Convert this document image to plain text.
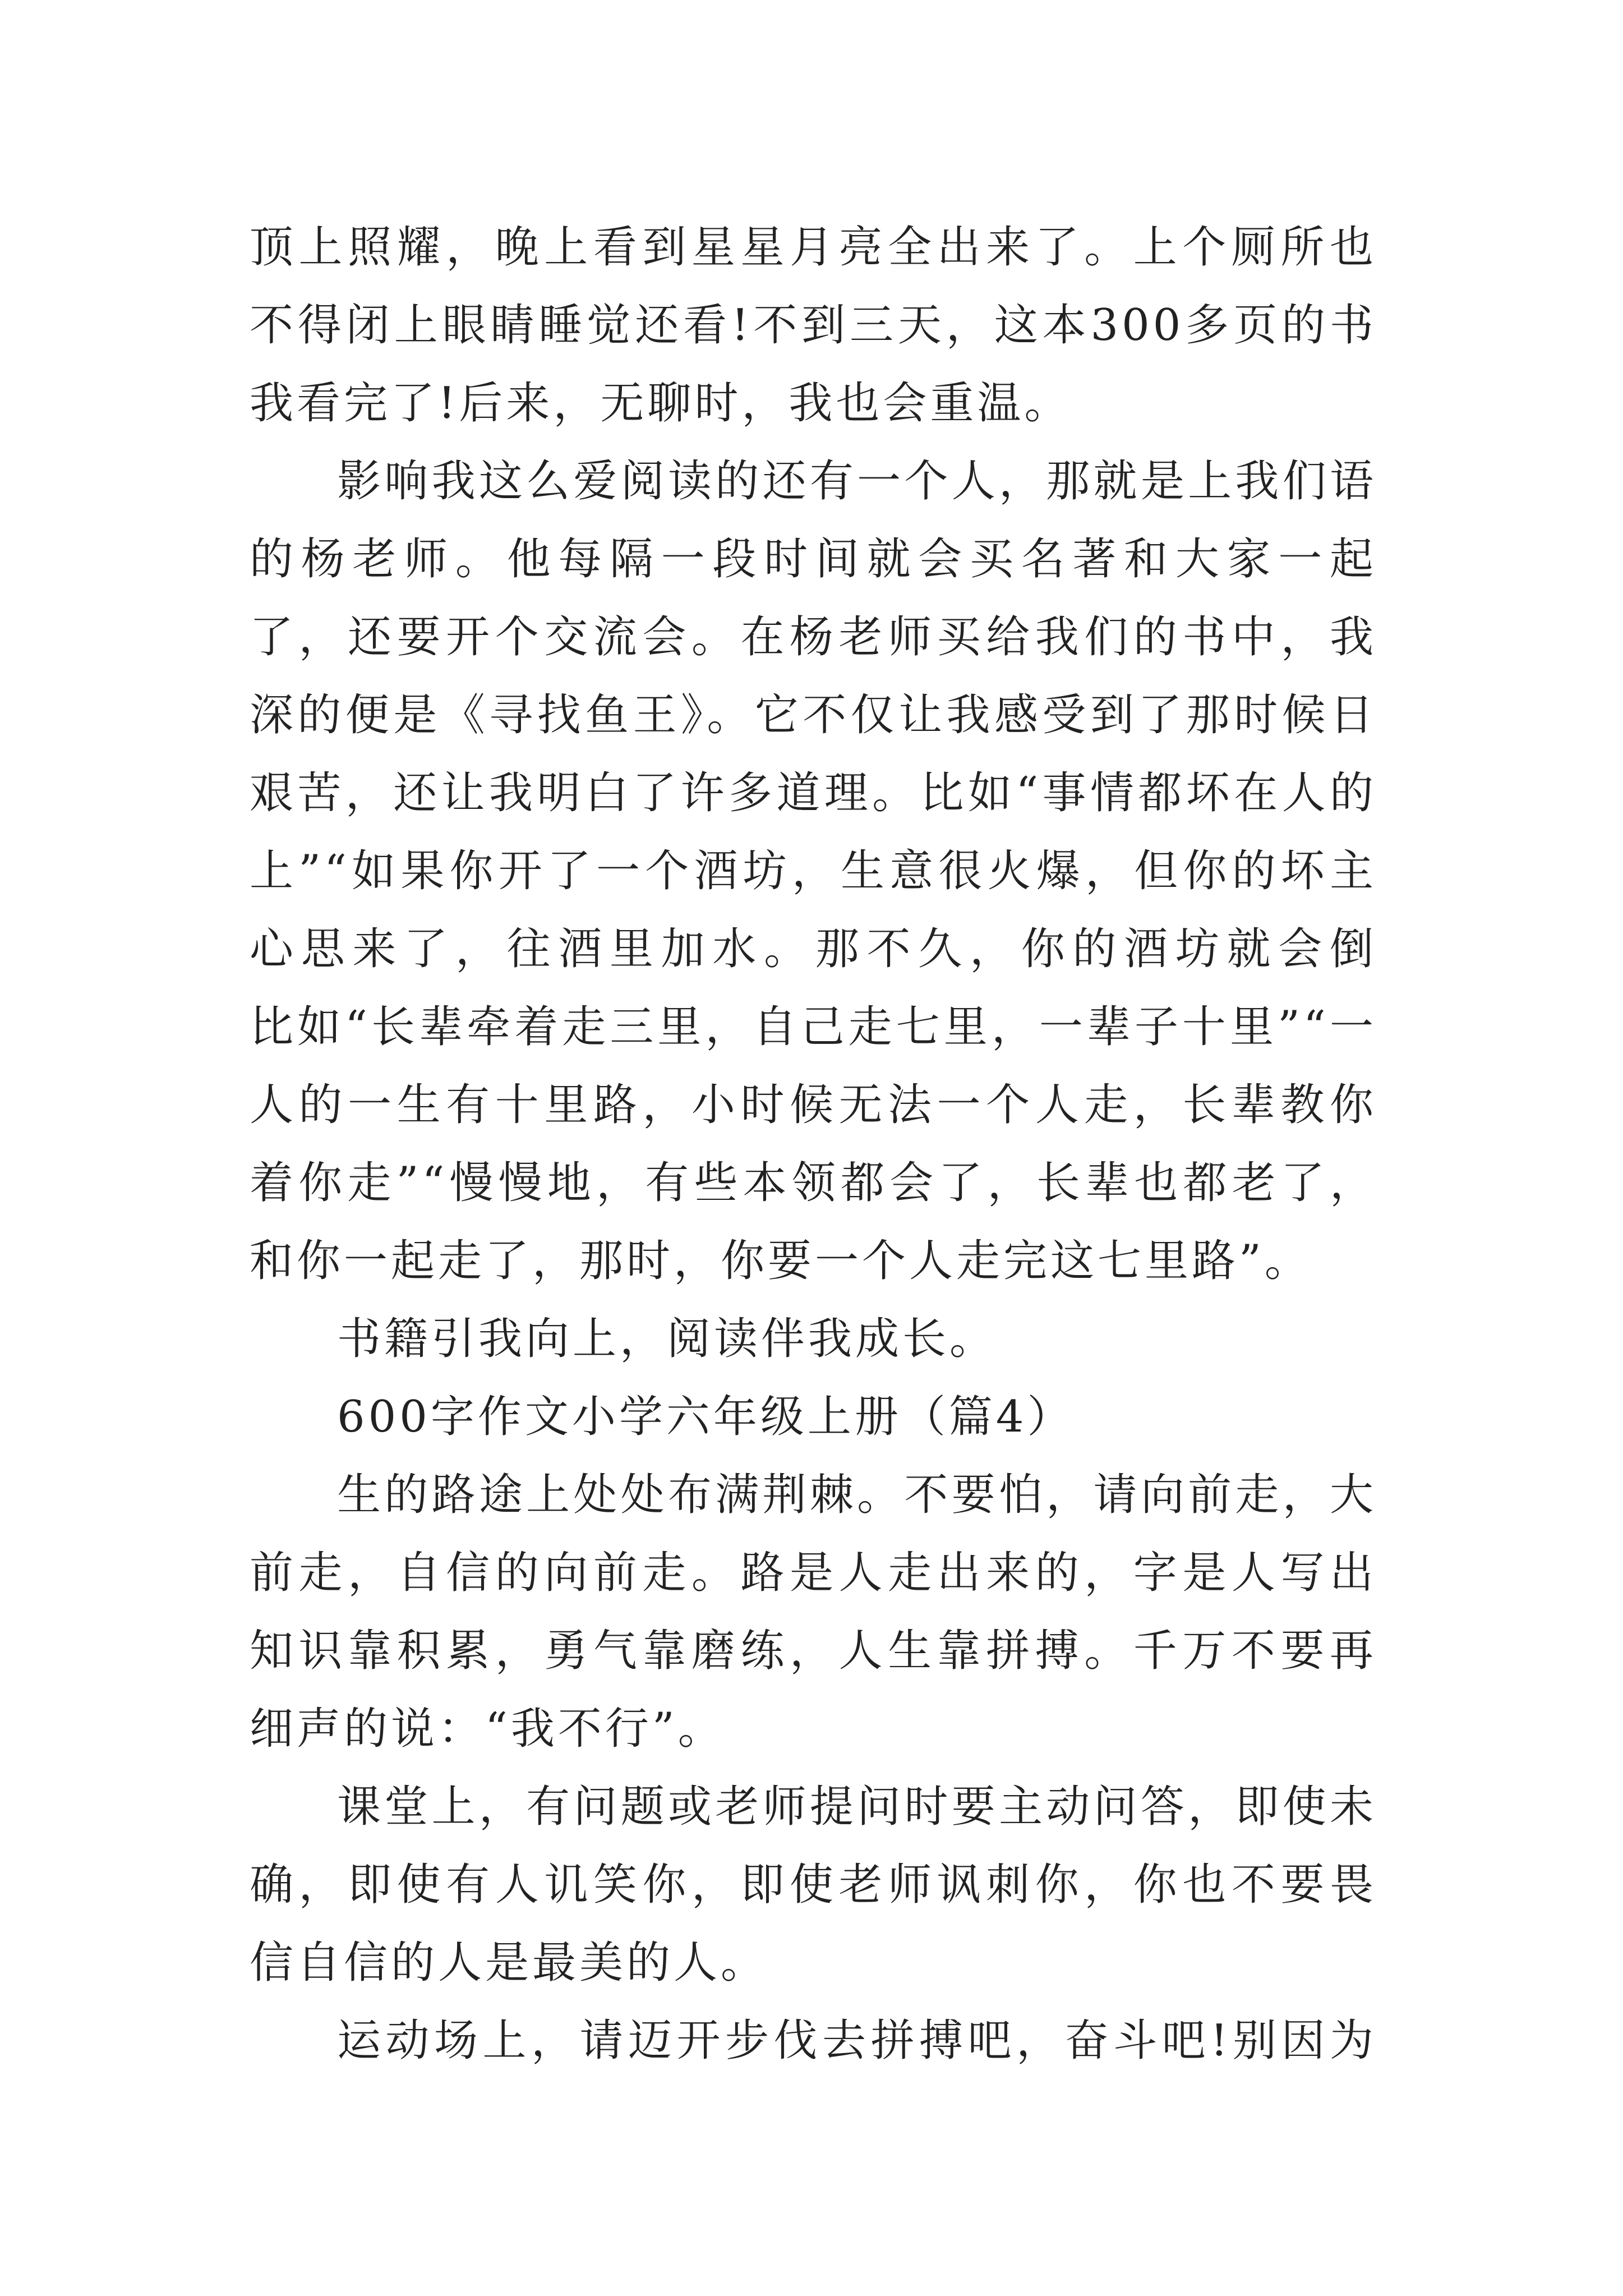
顶上照耀，晚上看到星星月亮全出来了。上个厕所也
不得闭上眼睛睡觉还看!不到三天，这本300多页的书
我看完了!后来，无聊时，我也会重温。
影响我这么爱阅读的还有一个人，那就是上我们语
的杨老师。他每隔一段时间就会买名著和大家一起
了，还要开个交流会。在杨老师买给我们的书中，我
深的便是《寻找鱼王》。它不仅让我感受到了那时候日
艰苦，还让我明白了许多道理。比如“事情都坏在人的
上”“如果你开了一个酒坊，生意很火爆，但你的坏主
心思来了，往酒里加水。那不久，你的酒坊就会倒
比如“长辈牵着走三里，自己走七里，一辈子十里”“一
人的一生有十里路，小时候无法一个人走，长辈教你
着你走”“慢慢地，有些本领都会了，长辈也都老了，
和你一起走了，那时，你要一个人走完这七里路”。
书籍引我向上，阅读伴我成长。
600字作文小学六年级上册（篇4）
生的路途上处处布满荆棘。不要怕，请向前走，大
前走，自信的向前走。路是人走出来的，字是人写出
知识靠积累，勇气靠磨练，人生靠拼搏。千万不要再
细声的说：“我不行”。
课堂上，有问题或老师提问时要主动问答，即使未
确，即使有人讥笑你，即使老师讽刺你，你也不要畏
信自信的人是最美的人。
运动场上，请迈开步伐去拼搏吧，奋斗吧!别因为
